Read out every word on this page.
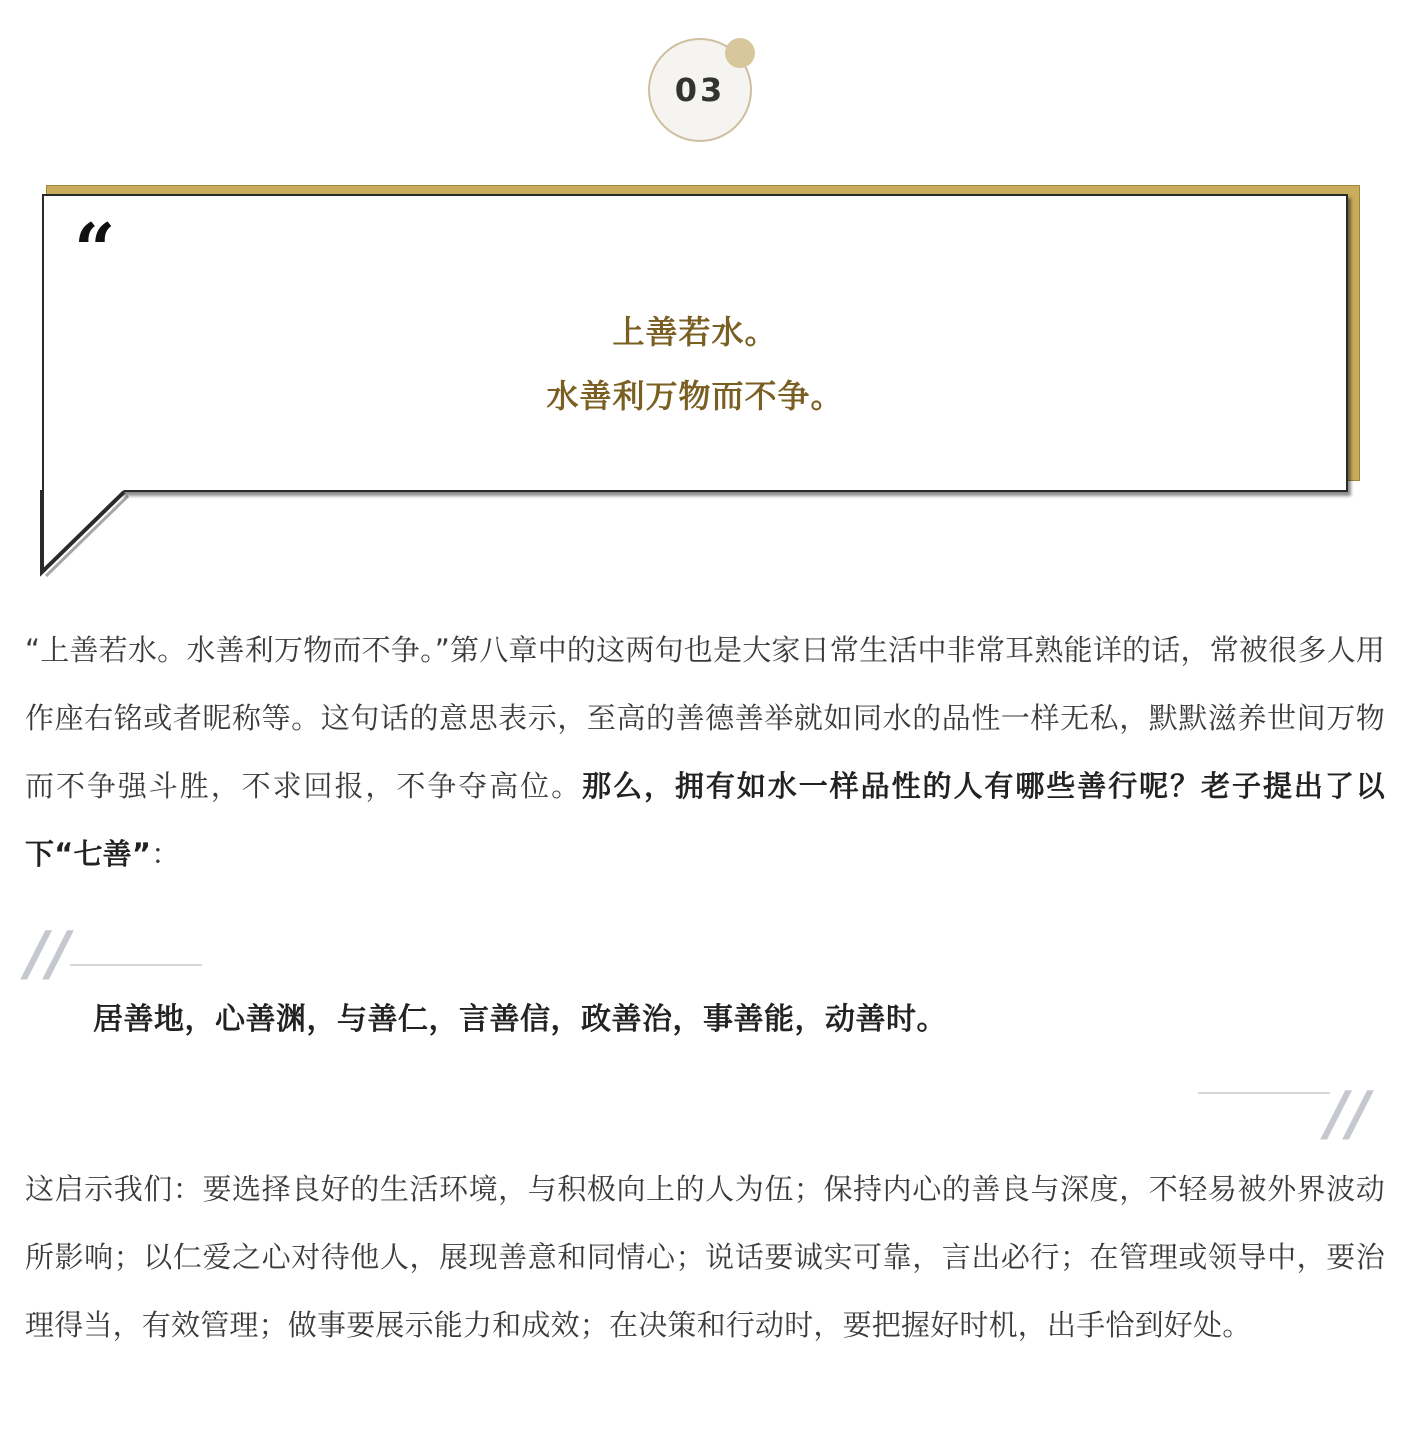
03
“
上善若水。
水善利万物而不争。

“上善若水。水善利万物而不争。”第八章中的这两句也是大家日常生活中非常耳熟能详的话，常被很多人用作座右铭或者昵称等。这句话的意思表示，至高的善德善举就如同水的品性一样无私，默默滋养世间万物而不争强斗胜，不求回报，不争夺高位。那么，拥有如水一样品性的人有哪些善行呢？老子提出了以下“七善”：

//
居善地，心善渊，与善仁，言善信，政善治，事善能，动善时。
//

这启示我们：要选择良好的生活环境，与积极向上的人为伍；保持内心的善良与深度，不轻易被外界波动所影响；以仁爱之心对待他人，展现善意和同情心；说话要诚实可靠，言出必行；在管理或领导中，要治理得当，有效管理；做事要展示能力和成效；在决策和行动时，要把握好时机，出手恰到好处。
